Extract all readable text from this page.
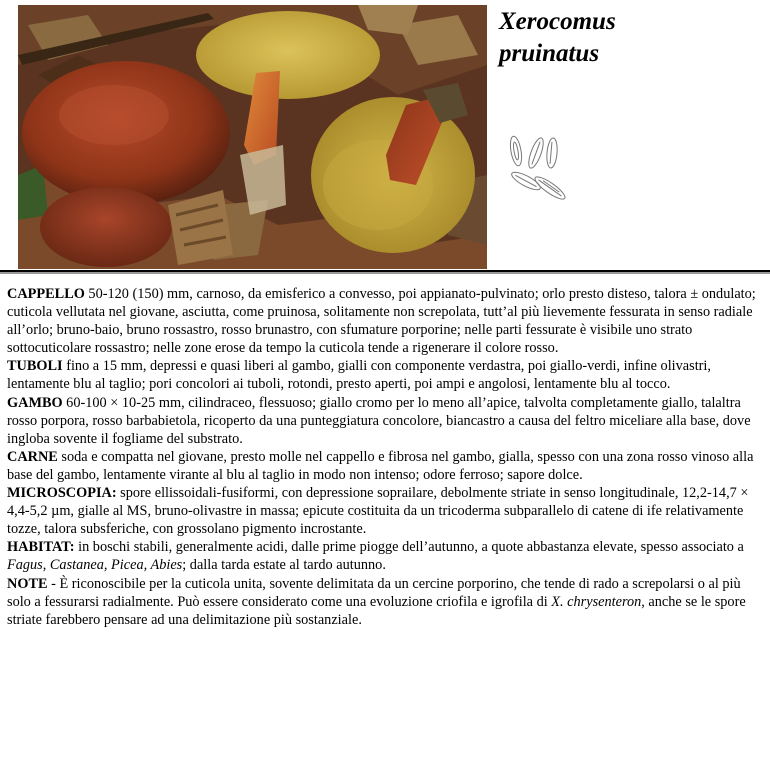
Xerocomus
pruinatus

CAPPELLO 50-120 (150) mm, carnoso, da emisferico a convesso, poi appianato-pulvinato; orlo presto disteso, talora ± ondulato; cuticola vellutata nel giovane, asciutta, come pruinosa, solitamente non screpolata, tutt’al più lievemente fessurata in senso radiale all’orlo; bruno-baio, bruno rossastro, rosso brunastro, con sfumature porporine; nelle parti fessurate è visibile uno strato sottocuticolare rossastro; nelle zone erose da tempo la cuticola tende a rigenerare il colore rosso.

TUBOLI fino a 15 mm, depressi e quasi liberi al gambo, gialli con componente verdastra, poi giallo-verdi, infine olivastri, lentamente blu al taglio; pori concolori ai tuboli, rotondi, presto aperti, poi ampi e angolosi, lentamente blu al tocco.

GAMBO 60-100 × 10-25 mm, cilindraceo, flessuoso; giallo cromo per lo meno all’apice, talvolta completamente giallo, talaltra rosso porpora, rosso barbabietola, ricoperto da una punteggiatura concolore, biancastro a causa del feltro miceliare alla base, dove ingloba sovente il fogliame del substrato.

CARNE soda e compatta nel giovane, presto molle nel cappello e fibrosa nel gambo, gialla, spesso con una zona rosso vinoso alla base del gambo, lentamente virante al blu al taglio in modo non intenso; odore ferroso; sapore dolce.

MICROSCOPIA: spore ellissoidali-fusiformi, con depressione soprailare, debolmente striate in senso longitudinale, 12,2-14,7 × 4,4-5,2 µm, gialle al MS, bruno-olivastre in massa; epicute costituita da un tricoderma subparallelo di catene di ife relativamente tozze, talora subsferiche, con grossolano pigmento incrostante.

HABITAT: in boschi stabili, generalmente acidi, dalle prime piogge dell’autunno, a quote abbastanza elevate, spesso associato a Fagus, Castanea, Picea, Abies; dalla tarda estate al tardo autunno.

NOTE - È riconoscibile per la cuticola unita, sovente delimitata da un cercine porporino, che tende di rado a screpolarsi o al più solo a fessurarsi radialmente. Può essere considerato come una evoluzione criofila e igrofila di X. chrysenteron, anche se le spore striate farebbero pensare ad una delimitazione più sostanziale.
